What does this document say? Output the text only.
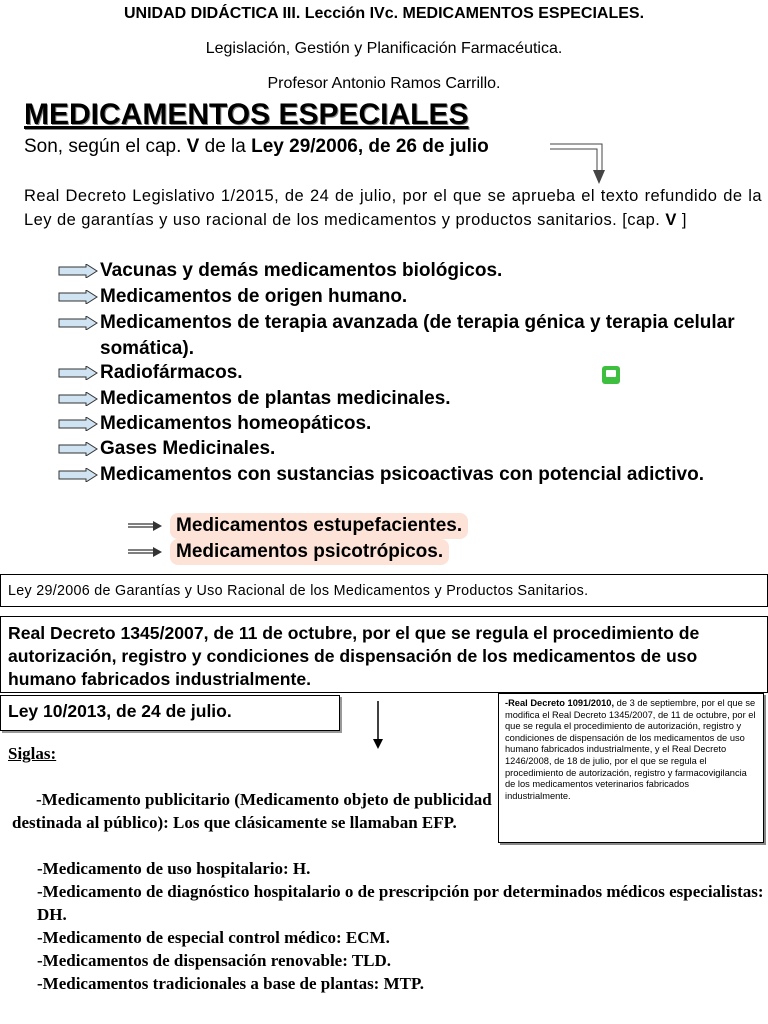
UNIDAD DIDÁCTICA III. Lección IVc. MEDICAMENTOS ESPECIALES.
Legislación, Gestión y Planificación Farmacéutica.
Profesor Antonio Ramos Carrillo.
MEDICAMENTOS ESPECIALES
Son, según el cap. V de la Ley 29/2006, de 26 de julio
Real Decreto Legislativo 1/2015, de 24 de julio, por el que se aprueba el texto refundido de la Ley de garantías y uso racional de los medicamentos y productos sanitarios. [cap. V ]
Vacunas y demás medicamentos biológicos.
Medicamentos de origen humano.
Medicamentos de terapia avanzada (de terapia génica y terapia celular somática).
Radiofármacos.
Medicamentos de plantas medicinales.
Medicamentos homeopáticos.
Gases Medicinales.
Medicamentos con sustancias psicoactivas con potencial adictivo.
Medicamentos estupefacientes.
Medicamentos psicotrópicos.
Ley 29/2006 de Garantías y Uso Racional de los Medicamentos y Productos Sanitarios.
Real Decreto 1345/2007, de 11 de octubre, por el que se regula el procedimiento de autorización, registro y condiciones de dispensación de los medicamentos de uso humano fabricados industrialmente.
Ley 10/2013, de 24 de julio.	-Real Decreto 1091/2010, de 3 de septiembre, por el que se modifica el Real Decreto 1345/2007, de 11 de octubre, por el que se regula el procedimiento de autorización, registro y condiciones de dispensación de los medicamentos de uso humano fabricados industrialmente, y el Real Decreto 1246/2008, de 18 de julio, por el que se regula el procedimiento de autorización, registro y farmacovigilancia de los medicamentos veterinarios fabricados industrialmente.
Siglas:
-Medicamento publicitario (Medicamento objeto de publicidad destinada al público): Los que clásicamente se llamaban EFP.
-Medicamento de uso hospitalario: H.
-Medicamento de diagnóstico hospitalario o de prescripción por determinados médicos especialistas: DH.
-Medicamento de especial control médico: ECM.
-Medicamentos de dispensación renovable: TLD.
-Medicamentos tradicionales a base de plantas: MTP.
